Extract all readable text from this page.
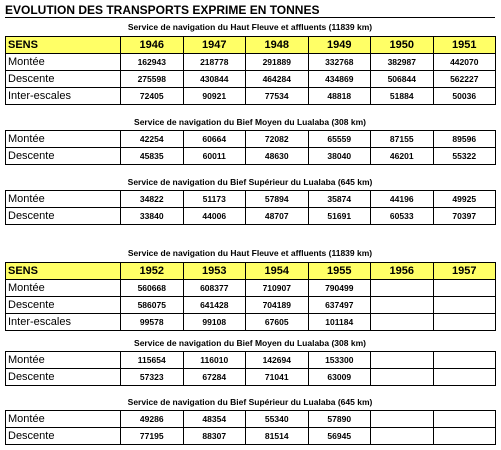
EVOLUTION DES TRANSPORTS EXPRIME EN TONNES
Service de navigation du Haut Fleuve et affluents (11839 km)
SENS	1946	1947	1948	1949	1950	1951
Montée	162943	218778	291889	332768	382987	442070
Descente	275598	430844	464284	434869	506844	562227
Inter-escales	72405	90921	77534	48818	51884	50036
Service de navigation du Bief Moyen du Lualaba (308 km)
Montée	42254	60664	72082	65559	87155	89596
Descente	45835	60011	48630	38040	46201	55322
Service de navigation du Bief Supérieur du Lualaba (645 km)
Montée	34822	51173	57894	35874	44196	49925
Descente	33840	44006	48707	51691	60533	70397
Service de navigation du Haut Fleuve et affluents (11839 km)
SENS	1952	1953	1954	1955	1956	1957
Montée	560668	608377	710907	790499		
Descente	586075	641428	704189	637497		
Inter-escales	99578	99108	67605	101184		
Service de navigation du Bief Moyen du Lualaba (308 km)
Montée	115654	116010	142694	153300		
Descente	57323	67284	71041	63009		
Service de navigation du Bief Supérieur du Lualaba (645 km)
Montée	49286	48354	55340	57890		
Descente	77195	88307	81514	56945		
